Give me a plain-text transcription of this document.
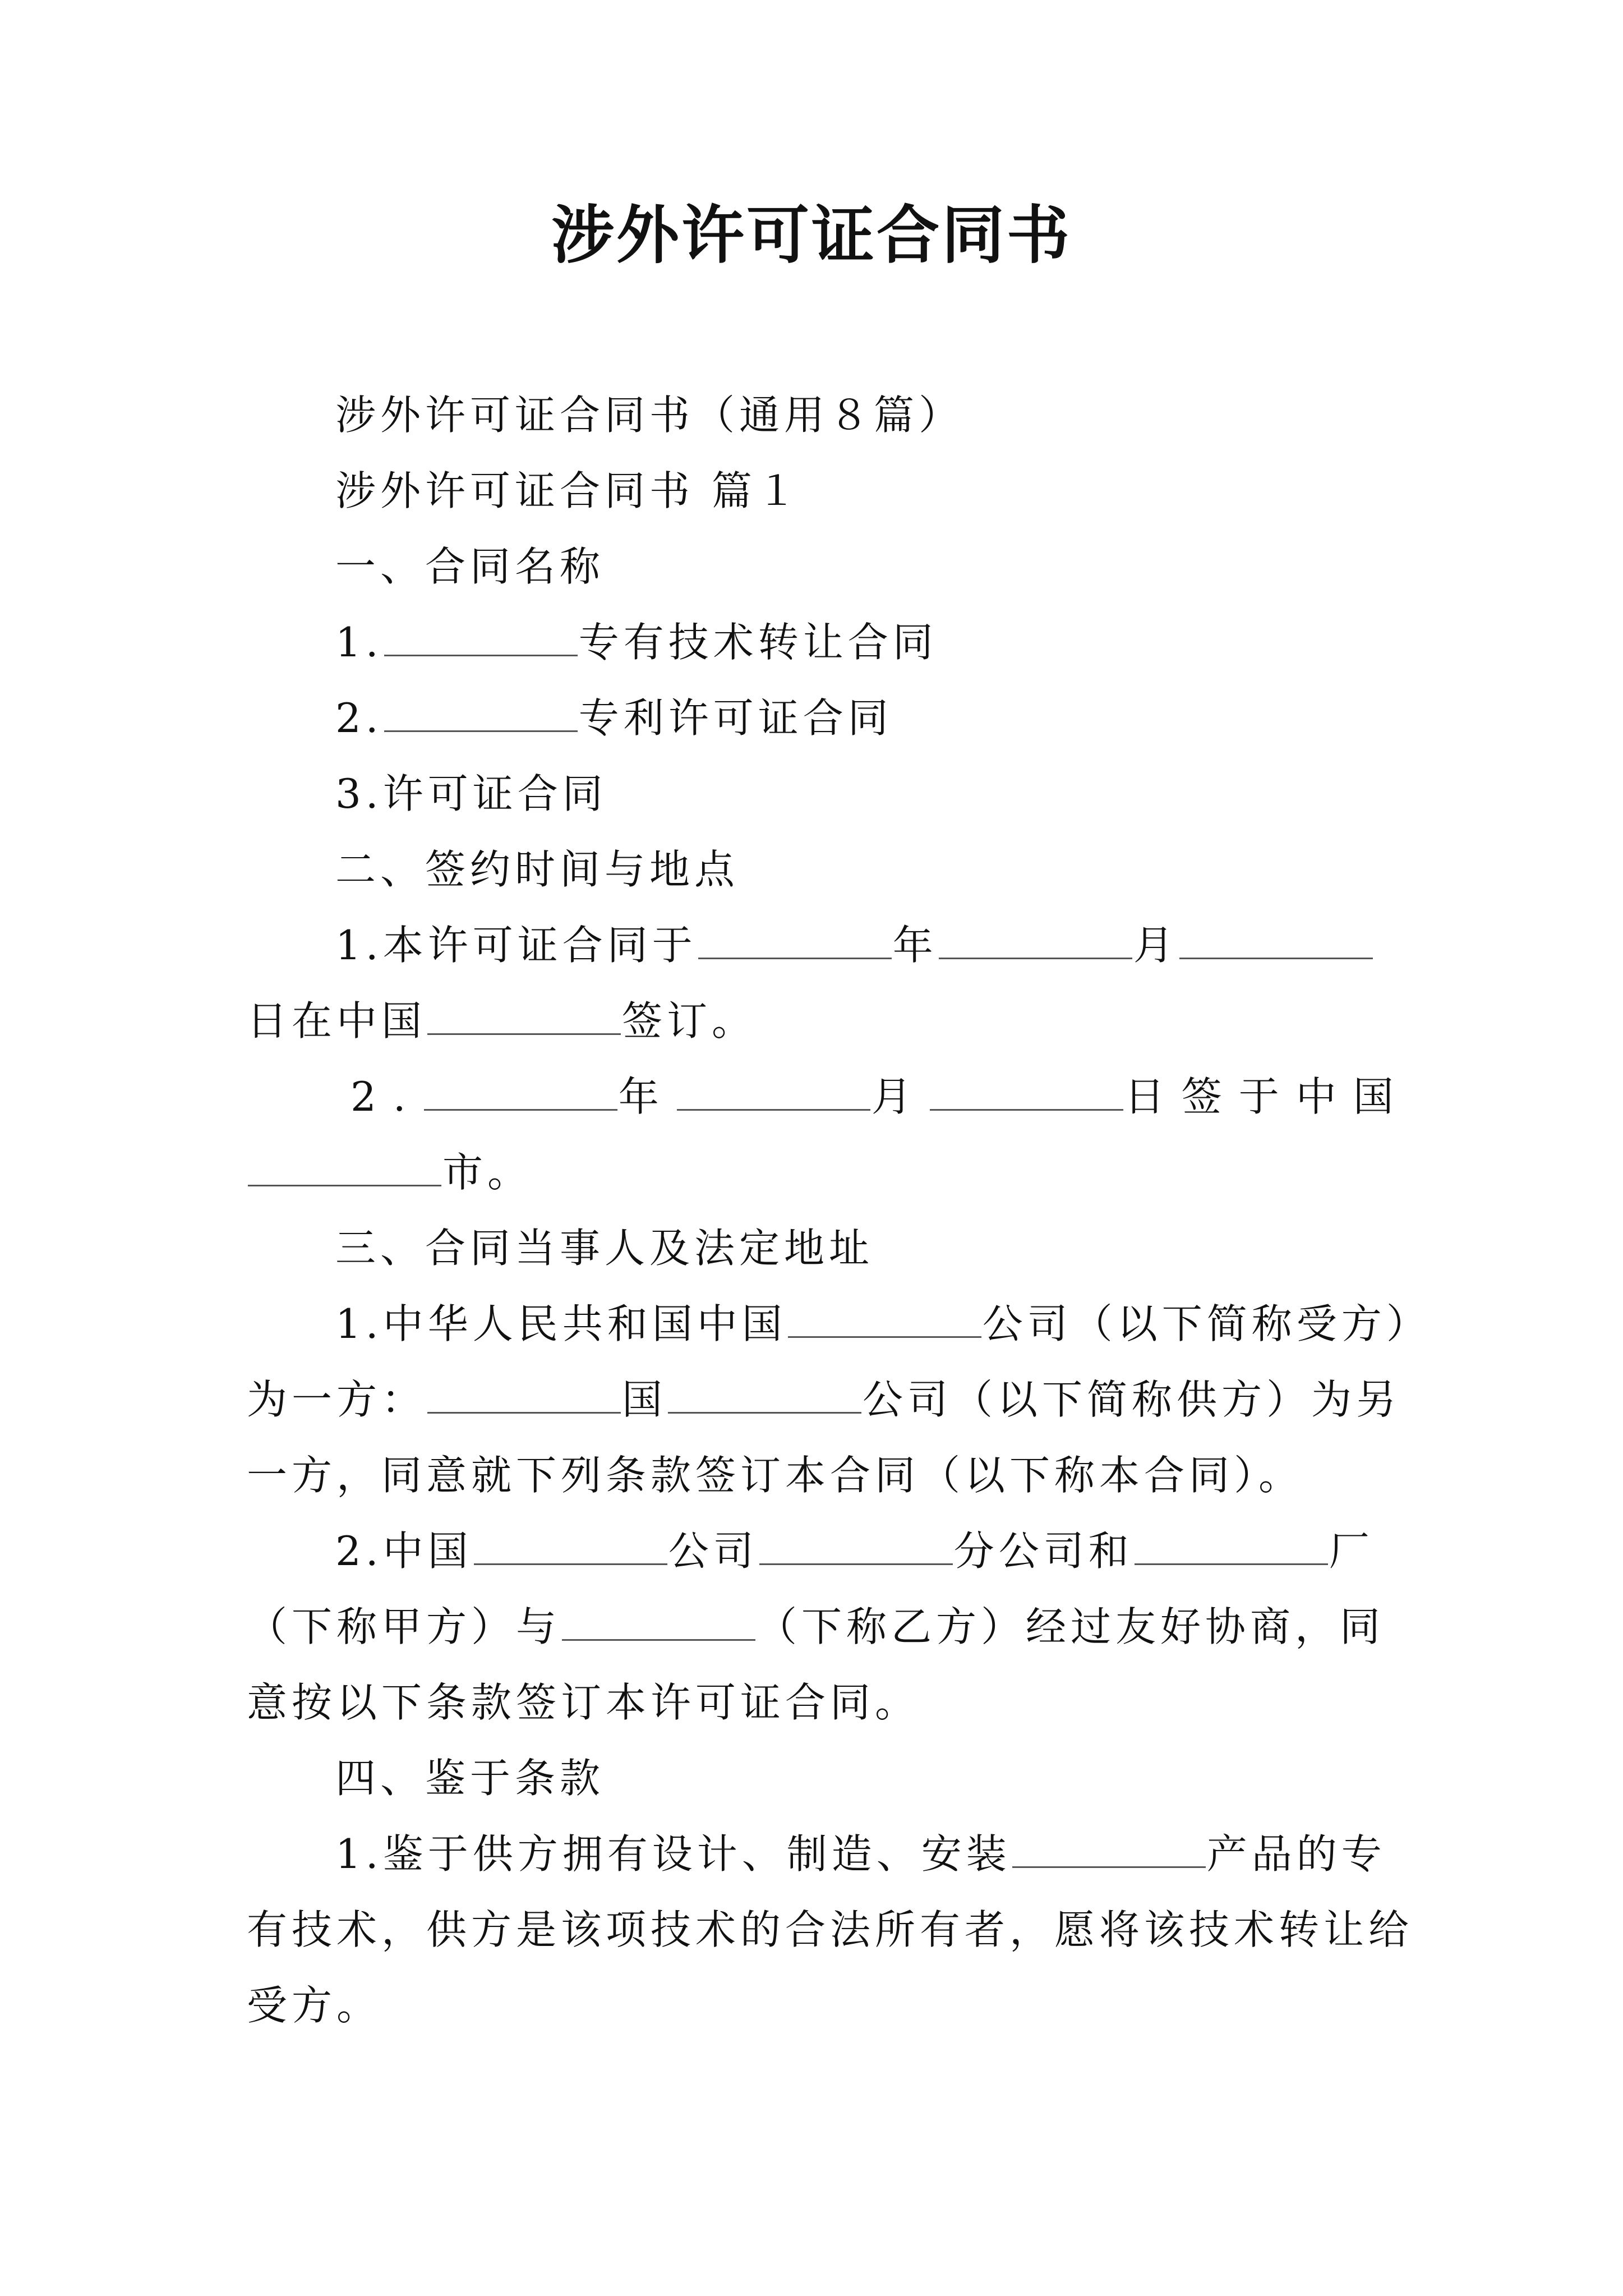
涉外许可证合同书
涉外许可证合同书（通用８篇）
涉外许可证合同书 篇１
一、合同名称
1.	专有技术转让合同
2.	专利许可证合同
3.许可证合同
二、签约时间与地点
1.本许可证合同于	年	月
日在中国	签订。
2.	年	月	日签于中国
市。
三、合同当事人及法定地址
1.中华人民共和国中国	公司（以下简称受方）
为一方：	国	公司（以下简称供方）为另
一方，同意就下列条款签订本合同（以下称本合同）。
2.中国	公司	分公司和	厂
（下称甲方）与	（下称乙方）经过友好协商，同
意按以下条款签订本许可证合同。
四、鉴于条款
1.鉴于供方拥有设计、制造、安装	产品的专
有技术，供方是该项技术的合法所有者，愿将该技术转让给
受方。
